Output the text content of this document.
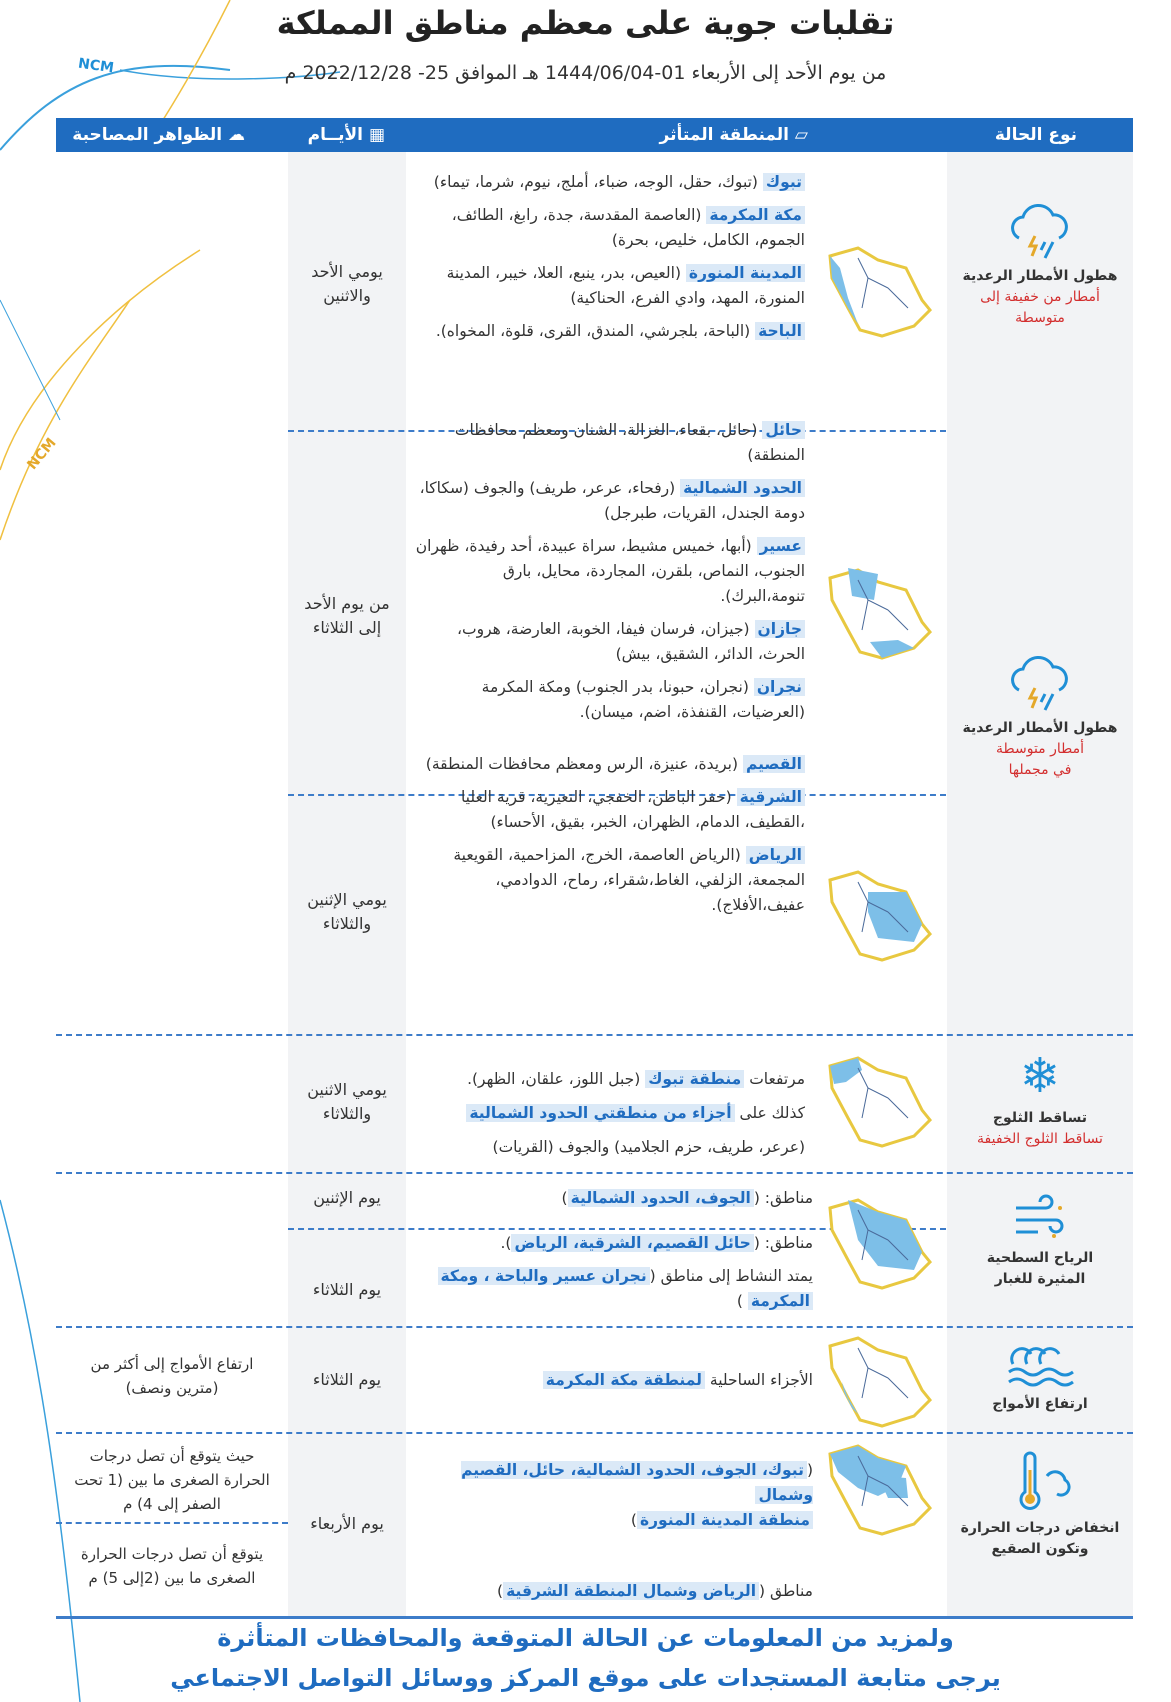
NCM
NCM
تقلبات جوية على معظم مناطق المملكة
من يوم الأحد إلى الأربعاء 01-1444/06/04 هـ الموافق 25- 2022/12/28 م
نوع الحالة
▱ المنطقة المتأثر
▦ الأيــام
☁ الظواهر المصاحبة
هطول الأمطار الرعدية
أمطار من خفيفة إلى
متوسطة
يومي الأحد
والاثنين

تبوك (تبوك، حقل، الوجه، ضباء، أملج، نيوم، شرما، تيماء)

مكة المكرمة (العاصمة المقدسة، جدة، رابغ، الطائف، الجموم، الكامل، خليص، بحرة)

المدينة المنورة (العيص، بدر، ينبع، العلا، خيبر، المدينة المنورة، المهد، وادي الفرع، الحناكية)

الباحة (الباحة، بلجرشي، المندق، القرى، قلوة، المخواه).

من يوم الأحد
إلى الثلاثاء

حائل (حائل، بقعاء، الغزالة، الشنان ومعظم محافظات المنطقة)

الحدود الشمالية (رفحاء، عرعر، طريف) والجوف (سكاكا، دومة الجندل، القريات، طبرجل)

عسير (أبها، خميس مشيط، سراة عبيدة، أحد رفيدة، ظهران الجنوب، النماص، بلقرن، المجاردة، محايل، بارق تنومة،البرك).

جازان (جيزان، فرسان فيفا، الخوبة، العارضة، هروب، الحرث، الدائر، الشقيق، بيش)

نجران (نجران، حبونا، بدر الجنوب) ومكة المكرمة (العرضيات، القنفذة، اضم، ميسان).

هطول الأمطار الرعدية
أمطار متوسطة
في مجملها
يومي الإثنين
والثلاثاء

القصيم (بريدة، عنيزة، الرس ومعظم محافظات المنطقة)

الشرقية (حفر الباطن، الخفجي، النعيرية، قرية العليا ،القطيف، الدمام، الظهران، الخبر، بقيق، الأحساء)

الرياض (الرياض العاصمة، الخرج، المزاحمية، القويعية المجمعة، الزلفي، الغاط،شقراء، رماح، الدوادمي، عفيف،الأفلاج).

❄
تساقط الثلوج
تساقط الثلوج الخفيفة
يومي الاثنين
والثلاثاء
مرتفعات منطقة تبوك (جبل اللوز، علقان، الظهر).
كذلك على أجزاء من منطقتي الحدود الشمالية
(عرعر، طريف، حزم الجلاميد) والجوف (القريات)
الرياح السطحية
المثيرة للغبار
يوم الإثنين
يوم الثلاثاء
مناطق: (الجوف، الحدود الشمالية)
مناطق: (حائل القصيم، الشرقية، الرياض).
يمتد النشاط إلى مناطق (نجران عسير والباحة ، ومكة
المكرمة )
ارتفاع الأمواج
يوم الثلاثاء	الأجزاء الساحلية لمنطقة مكة المكرمة
ارتفاع الأمواج إلى أكثر من
(مترين ونصف)
انخفاض درجات الحرارة
وتكون الصقيع
يوم الأربعاء
(تبوك، الجوف، الحدود الشمالية، حائل، القصيم وشمال
منطقة المدينة المنورة)
مناطق (الرياض وشمال المنطقة الشرقية)
حيث يتوقع أن تصل درجات
الحرارة الصغرى ما بين (1 تحت
الصفر إلى 4) م
يتوقع أن تصل درجات الحرارة
الصغرى ما بين (2إلى 5) م
ولمزيد من المعلومات عن الحالة المتوقعة والمحافظات المتأثرة
يرجى متابعة المستجدات على موقع المركز ووسائل التواصل الاجتماعي
